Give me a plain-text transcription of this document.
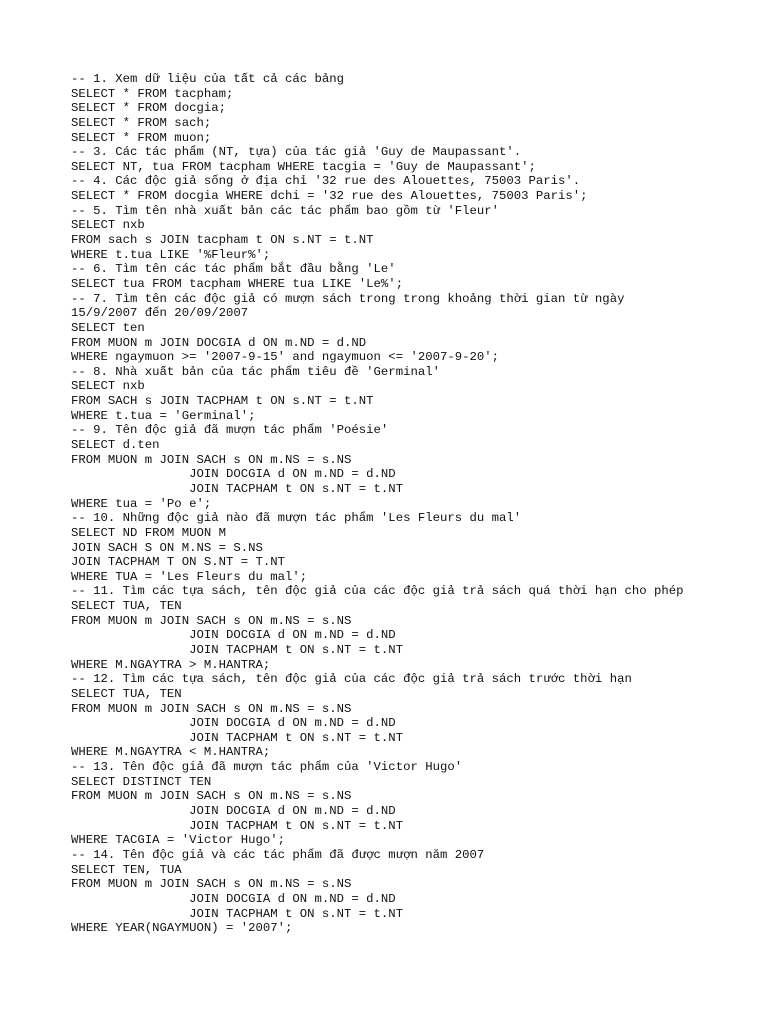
-- 1. Xem dữ liệu của tất cả các bảng
SELECT * FROM tacpham;
SELECT * FROM docgia;
SELECT * FROM sach;
SELECT * FROM muon;
-- 3. Các tác phẩm (NT, tựa) của tác giả 'Guy de Maupassant'.
SELECT NT, tua FROM tacpham WHERE tacgia = 'Guy de Maupassant';
-- 4. Các độc giả sống ở địa chỉ '32 rue des Alouettes, 75003 Paris'.
SELECT * FROM docgia WHERE dchi = '32 rue des Alouettes, 75003 Paris';
-- 5. Tìm tên nhà xuất bản các tác phẩm bao gồm từ 'Fleur'
SELECT nxb
FROM sach s JOIN tacpham t ON s.NT = t.NT
WHERE t.tua LIKE '%Fleur%';
-- 6. Tìm tên các tác phẩm bắt đầu bằng 'Le'
SELECT tua FROM tacpham WHERE tua LIKE 'Le%';
-- 7. Tìm tên các độc giả có mượn sách trong trong khoảng thời gian từ ngày
15/9/2007 đến 20/09/2007
SELECT ten
FROM MUON m JOIN DOCGIA d ON m.ND = d.ND
WHERE ngaymuon >= '2007-9-15' and ngaymuon <= '2007-9-20';
-- 8. Nhà xuất bản của tác phẩm tiêu đề 'Germinal'
SELECT nxb
FROM SACH s JOIN TACPHAM t ON s.NT = t.NT
WHERE t.tua = 'Germinal';
-- 9. Tên độc giả đã mượn tác phẩm 'Poésie'
SELECT d.ten
FROM MUON m JOIN SACH s ON m.NS = s.NS
JOIN DOCGIA d ON m.ND = d.ND
JOIN TACPHAM t ON s.NT = t.NT
WHERE tua = 'Po e';
-- 10. Những độc giả nào đã mượn tác phẩm 'Les Fleurs du mal'
SELECT ND FROM MUON M
JOIN SACH S ON M.NS = S.NS
JOIN TACPHAM T ON S.NT = T.NT
WHERE TUA = 'Les Fleurs du mal';
-- 11. Tìm các tựa sách, tên độc giả của các độc giả trả sách quá thời hạn cho phép
SELECT TUA, TEN
FROM MUON m JOIN SACH s ON m.NS = s.NS
JOIN DOCGIA d ON m.ND = d.ND
JOIN TACPHAM t ON s.NT = t.NT
WHERE M.NGAYTRA > M.HANTRA;
-- 12. Tìm các tựa sách, tên độc giả của các độc giả trả sách trước thời hạn
SELECT TUA, TEN
FROM MUON m JOIN SACH s ON m.NS = s.NS
JOIN DOCGIA d ON m.ND = d.ND
JOIN TACPHAM t ON s.NT = t.NT
WHERE M.NGAYTRA < M.HANTRA;
-- 13. Tên độc giả đã mượn tác phẩm của 'Victor Hugo'
SELECT DISTINCT TEN
FROM MUON m JOIN SACH s ON m.NS = s.NS
JOIN DOCGIA d ON m.ND = d.ND
JOIN TACPHAM t ON s.NT = t.NT
WHERE TACGIA = 'Victor Hugo';
-- 14. Tên độc giả và các tác phẩm đã được mượn năm 2007
SELECT TEN, TUA
FROM MUON m JOIN SACH s ON m.NS = s.NS
JOIN DOCGIA d ON m.ND = d.ND
JOIN TACPHAM t ON s.NT = t.NT
WHERE YEAR(NGAYMUON) = '2007';
